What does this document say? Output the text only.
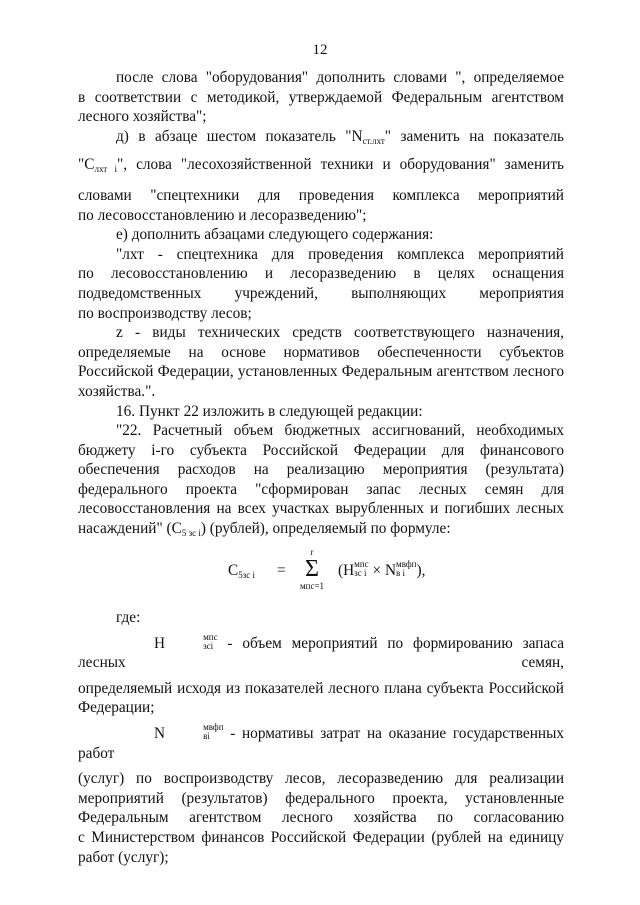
12

после слова "оборудования" дополнить словами ", определяемое

в соответствии с методикой, утверждаемой Федеральным агентством

лесного хозяйства";

д) в абзаце шестом показатель "$N_{ст.лхт}$" заменить на показатель

"$C_{лхт i}$", слова "лесохозяйственной техники и оборудования" заменить

словами "спецтехники для проведения комплекса мероприятий

по лесовосстановлению и лесоразведению";

е) дополнить абзацами следующего содержания:

"лхт - спецтехника для проведения комплекса мероприятий

по лесовосстановлению и лесоразведению в целях оснащения

подведомственных учреждений, выполняющих мероприятия

по воспроизводству лесов;

z - виды технических средств соответствующего назначения,

определяемые на основе нормативов обеспеченности субъектов

Российской Федерации, установленных Федеральным агентством лесного

хозяйства.".

16. Пункт 22 изложить в следующей редакции:

"22. Расчетный объем бюджетных ассигнований, необходимых

бюджету i-го субъекта Российской Федерации для финансового

обеспечения расходов на реализацию мероприятия (результата)

федерального проекта "сформирован запас лесных семян для

лесовосстановления на всех участках вырубленных и погибших лесных

насаждений" $(C_{5 зс i})$ (рублей), определяемый по формуле:

$C_{5зс i}$ =
r
Σ
мпс=1
(H мпс
зс i × N мвфп
в i ),

где:

H	мпс
зсi - объем мероприятий по формированию запаса лесных семян,

определяемый исходя из показателей лесного плана субъекта Российской

Федерации;

N	мвфп
вi	- нормативы затрат на оказание государственных работ

(услуг) по воспроизводству лесов, лесоразведению для реализации

мероприятий (результатов) федерального проекта, установленные

Федеральным агентством лесного хозяйства по согласованию

с Министерством финансов Российской Федерации (рублей на единицу

работ (услуг);
